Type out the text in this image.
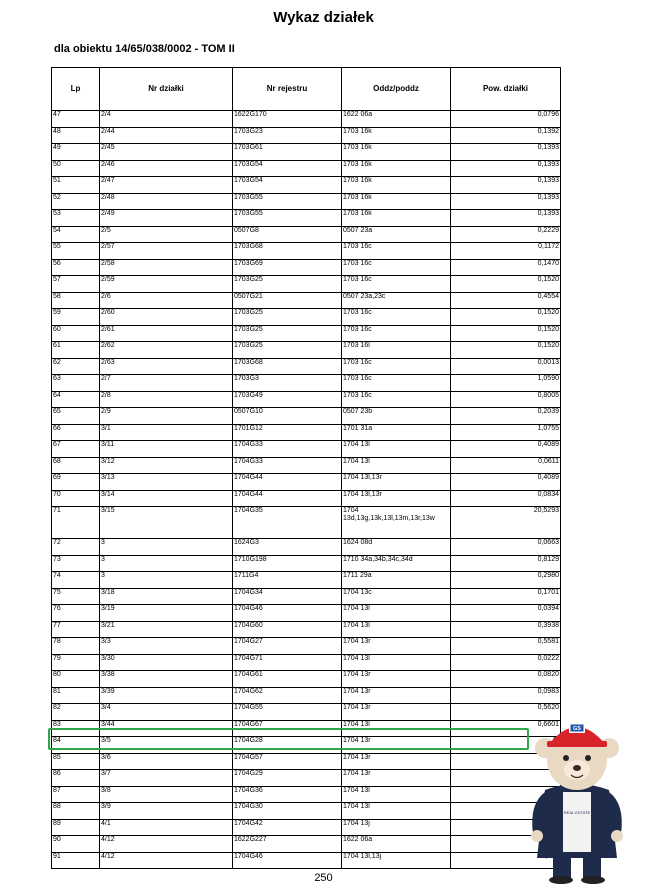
Wykaz działek
dla obiektu 14/65/038/0002 - TOM II
Lp	Nr działki	Nr rejestru	Oddz/poddz	Pow. działki
47	2/4	1622G170	1622 06a	0,0796
48	2/44	1703G23	1703 16k	0,1392
49	2/45	1703G61	1703 16k	0,1393
50	2/46	1703G54	1703 16k	0,1393
51	2/47	1703G54	1703 16k	0,1393
52	2/48	1703G55	1703 16k	0,1393
53	2/49	1703G55	1703 16k	0,1393
54	2/5	0507G8	0507 23a	0,2229
55	2/57	1703G68	1703 16c	0,1172
56	2/58	1703G69	1703 16c	0,1470
57	2/59	1703G25	1703 16c	0,1520
58	2/6	0507G21	0507 23a,23c	0,4554
59	2/60	1703G25	1703 16c	0,1520
60	2/61	1703G25	1703 16c	0,1520
61	2/62	1703G25	1703 16l	0,1520
62	2/63	1703G68	1703 16c	0,0013
63	2/7	1703G3	1703 16c	1,0590
64	2/8	1703G49	1703 16c	0,8005
65	2/9	0507G10	0507 23b	0,2039
66	3/1	1701G12	1701 31a	1,0755
67	3/11	1704G33	1704 13l	0,4089
68	3/12	1704G33	1704 13l	0,0611
69	3/13	1704G44	1704 13l,13r	0,4089
70	3/14	1704G44	1704 13l,13r	0,0834
71	3/15	1704G35	1704 13d,13g,13k,13l,13m,13r,13w	20,5293
72	3	1624G3	1624 08d	0,0663
73	3	1710G198	1710 34a,34b,34c,34d	0,8129
74	3	1711G4	1711 29a	0,2980
75	3/18	1704G34	1704 13c	0,1701
76	3/19	1704G46	1704 13l	0,0394
77	3/21	1704G60	1704 13l	0,3938
78	3/3	1704G27	1704 13r	0,5581
79	3/30	1704G71	1704 13l	0,0222
80	3/38	1704G61	1704 13r	0,0820
81	3/39	1704G62	1704 13r	0,0983
82	3/4	1704G55	1704 13r	0,5620
83	3/44	1704G67	1704 13l	0,6601
84	3/5	1704G28	1704 13r	
85	3/6	1704G57	1704 13r	
86	3/7	1704G29	1704 13r	
87	3/8	1704G36	1704 13l	
88	3/9	1704G30	1704 13l	
89	4/1	1704G42	1704 13j	
90	4/12	1622G227	1622 06a	
91	4/12	1704G46	1704 13l,13j	
REAL ESTATE
GS
250
